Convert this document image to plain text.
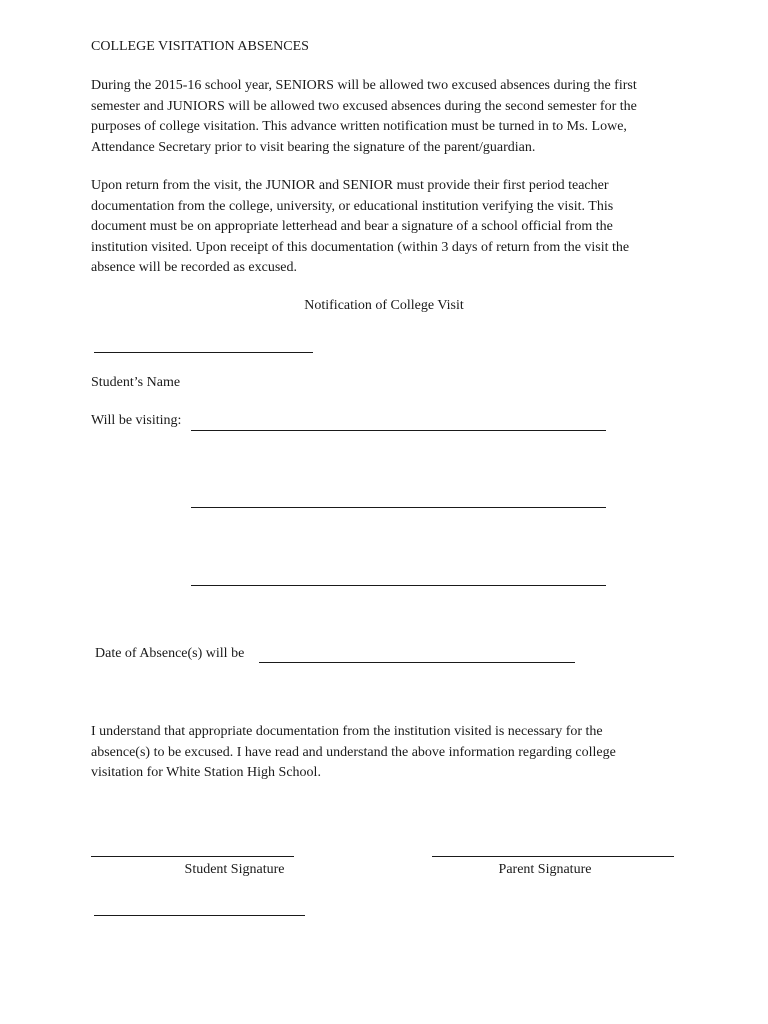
COLLEGE VISITATION ABSENCES
During the 2015-16 school year, SENIORS will be allowed two excused absences during the first
semester and JUNIORS will be allowed two excused absences during the second semester for the
purposes of college visitation. This advance written notification must be turned in to Ms. Lowe,
Attendance Secretary prior to visit bearing the signature of the parent/guardian.
Upon return from the visit, the JUNIOR and SENIOR must provide their first period teacher
documentation from the college, university, or educational institution verifying the visit. This
document must be on appropriate letterhead and bear a signature of a school official from the
institution visited. Upon receipt of this documentation (within 3 days of return from the visit the
absence will be recorded as excused.
Notification of College Visit
Student’s Name
Will be visiting:
Date of Absence(s) will be
I understand that appropriate documentation from the institution visited is necessary for the
absence(s) to be excused. I have read and understand the above information regarding college
visitation for White Station High School.
Student Signature	Parent Signature
